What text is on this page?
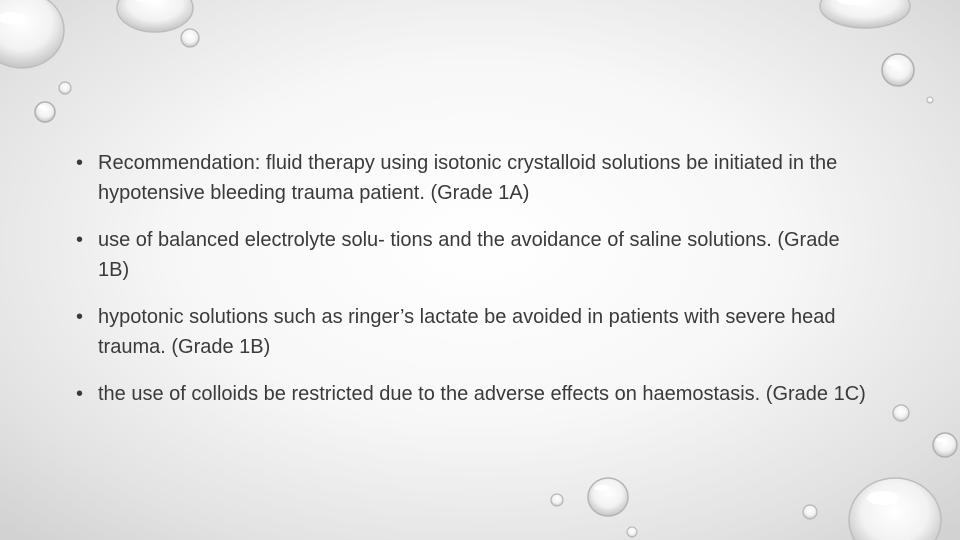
• Recommendation: fluid therapy using isotonic crystalloid solutions be initiated in the hypotensive bleeding trauma patient. (Grade 1A)
• use of balanced electrolyte solu- tions and the avoidance of saline solutions. (Grade 1B)
• hypotonic solutions such as ringer’s lactate be avoided in patients with severe head trauma. (Grade 1B)
• the use of colloids be restricted due to the adverse effects on haemostasis. (Grade 1C)
